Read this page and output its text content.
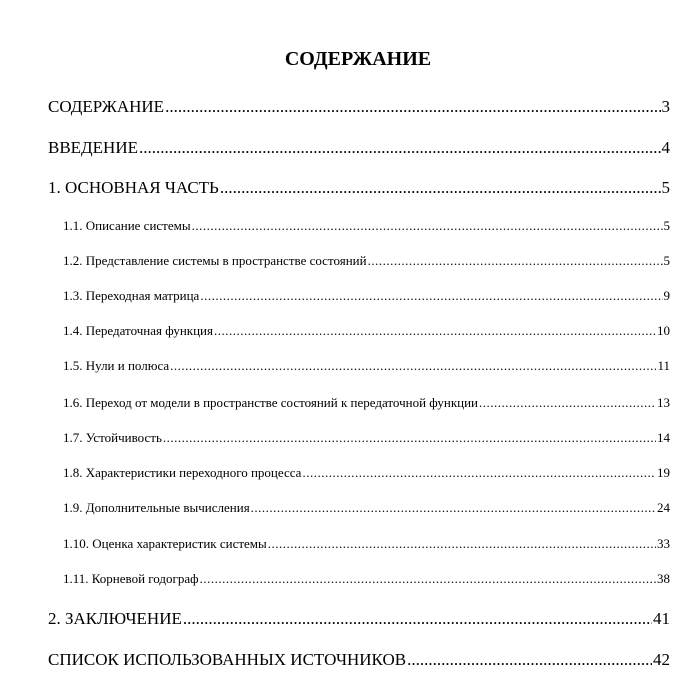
СОДЕРЖАНИЕ
СОДЕРЖАНИЕ .....	3
ВВЕДЕНИЕ .....	4
1. ОСНОВНАЯ ЧАСТЬ .....	5
1.1. Описание системы .....	5
1.2. Представление системы в пространстве состояний .....	5
1.3. Переходная матрица .....	9
1.4. Передаточная функция .....	10
1.5. Нули и полюса .....	11
1.6. Переход от модели в пространстве состояний к передаточной функции .....	13
1.7. Устойчивость .....	14
1.8. Характеристики переходного процесса .....	19
1.9. Дополнительные вычисления .....	24
1.10. Оценка характеристик системы .....	33
1.11. Корневой годограф .....	38
2. ЗАКЛЮЧЕНИЕ .....	41
СПИСОК ИСПОЛЬЗОВАННЫХ ИСТОЧНИКОВ .....	42
